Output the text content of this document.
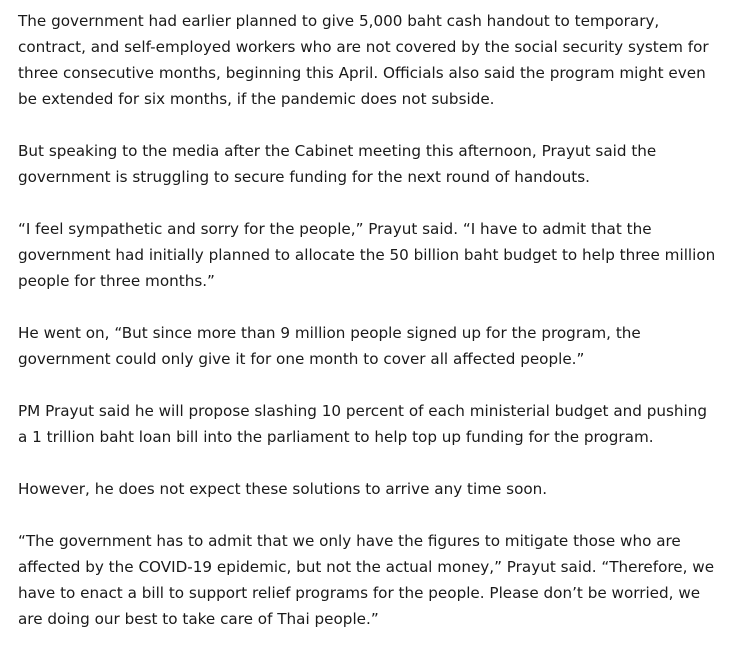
The government had earlier planned to give 5,000 baht cash handout to temporary, contract, and self-employed workers who are not covered by the social security system for three consecutive months, beginning this April. Officials also said the program might even be extended for six months, if the pandemic does not subside.

But speaking to the media after the Cabinet meeting this afternoon, Prayut said the government is struggling to secure funding for the next round of handouts.

“I feel sympathetic and sorry for the people,” Prayut said. “I have to admit that the government had initially planned to allocate the 50 billion baht budget to help three million people for three months.”

He went on, “But since more than 9 million people signed up for the program, the government could only give it for one month to cover all affected people.”

PM Prayut said he will propose slashing 10 percent of each ministerial budget and pushing a 1 trillion baht loan bill into the parliament to help top up funding for the program.

However, he does not expect these solutions to arrive any time soon.

“The government has to admit that we only have the figures to mitigate those who are affected by the COVID-19 epidemic, but not the actual money,” Prayut said. “Therefore, we have to enact a bill to support relief programs for the people. Please don’t be worried, we are doing our best to take care of Thai people.”
